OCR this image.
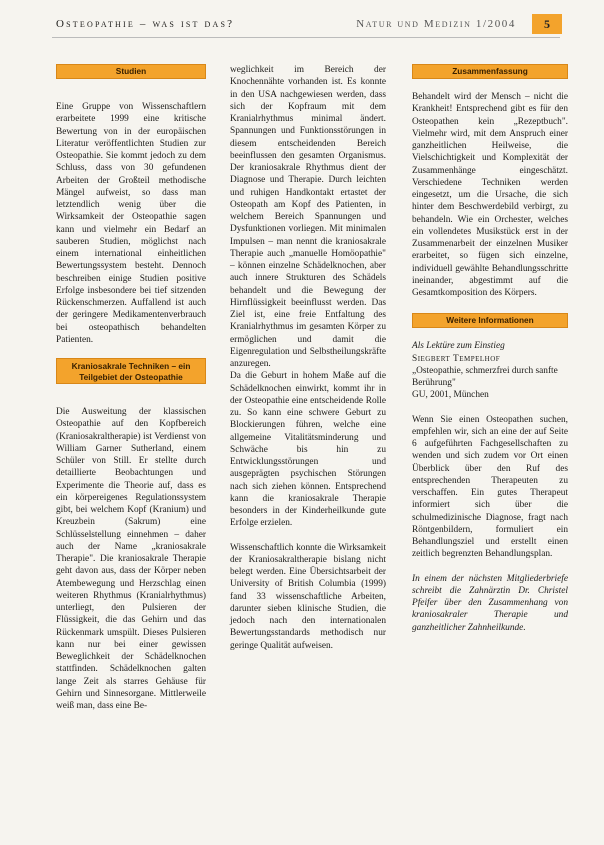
Osteopathie – was ist das?	Natur und Medizin 1/2004	5
Studien

Eine Gruppe von Wissenschaftlern erarbeitete 1999 eine kritische Bewertung von in der europäischen Literatur veröffentlichten Studien zur Osteopathie. Sie kommt jedoch zu dem Schluss, dass von 30 gefundenen Arbeiten der Großteil methodische Mängel aufweist, so dass man letztendlich wenig über die Wirksamkeit der Osteopathie sagen kann und vielmehr ein Bedarf an sauberen Studien, möglichst nach einem international einheitlichen Bewertungssystem besteht. Dennoch beschreiben einige Studien positive Erfolge insbesondere bei tief sitzenden Rückenschmerzen. Auffallend ist auch der geringere Medikamentenverbrauch bei osteopathisch behandelten Patienten.

Kraniosakrale Techniken – ein Teilgebiet der Osteopathie

Die Ausweitung der klassischen Osteopathie auf den Kopfbereich (Kraniosakraltherapie) ist Verdienst von William Garner Sutherland, einem Schüler von Still. Er stellte durch detaillierte Beobachtungen und Experimente die Theorie auf, dass es ein körpereigenes Regulationssystem gibt, bei welchem Kopf (Kranium) und Kreuzbein (Sakrum) eine Schlüsselstellung einnehmen – daher auch der Name „kraniosakrale Therapie". Die kraniosakrale Therapie geht davon aus, dass der Körper neben Atembewegung und Herzschlag einen weiteren Rhythmus (Kranialrhythmus) unterliegt, den Pulsieren der Flüssigkeit, die das Gehirn und das Rückenmark umspült. Dieses Pulsieren kann nur bei einer gewissen Beweglichkeit der Schädelknochen stattfinden. Schädelknochen galten lange Zeit als starres Gehäuse für Gehirn und Sinnesorgane. Mittlerweile weiß man, dass eine Be-

weglichkeit im Bereich der Knochennähte vorhanden ist. Es konnte in den USA nachgewiesen werden, dass sich der Kopfraum mit dem Kranialrhythmus minimal ändert. Spannungen und Funktionsstörungen in diesem entscheidenden Bereich beeinflussen den gesamten Organismus. Der kraniosakrale Rhythmus dient der Diagnose und Therapie. Durch leichten und ruhigen Handkontakt ertastet der Osteopath am Kopf des Patienten, in welchem Bereich Spannungen und Dysfunktionen vorliegen. Mit minimalen Impulsen – man nennt die kraniosakrale Therapie auch „manuelle Homöopathie" – können einzelne Schädelknochen, aber auch innere Strukturen des Schädels behandelt und die Bewegung der Hirnflüssigkeit beeinflusst werden. Das Ziel ist, eine freie Entfaltung des Kranialrhythmus im gesamten Körper zu ermöglichen und damit die Eigenregulation und Selbstheilungskräfte anzuregen.

Da die Geburt in hohem Maße auf die Schädelknochen einwirkt, kommt ihr in der Osteopathie eine entscheidende Rolle zu. So kann eine schwere Geburt zu Blockierungen führen, welche eine allgemeine Vitalitätsminderung und Schwäche bis hin zu Entwicklungsstörungen und ausgeprägten psychischen Störungen nach sich ziehen können. Entsprechend kann die kraniosakrale Therapie besonders in der Kinderheilkunde gute Erfolge erzielen.

Wissenschaftlich konnte die Wirksamkeit der Kraniosakraltherapie bislang nicht belegt werden. Eine Übersichtsarbeit der University of British Columbia (1999) fand 33 wissenschaftliche Arbeiten, darunter sieben klinische Studien, die jedoch nach den internationalen Bewertungsstandards methodisch nur geringe Qualität aufweisen.

Zusammenfassung

Behandelt wird der Mensch – nicht die Krankheit! Entsprechend gibt es für den Osteopathen kein „Rezeptbuch". Vielmehr wird, mit dem Anspruch einer ganzheitlichen Heilweise, die Vielschichtigkeit und Komplexität der Zusammenhänge eingeschätzt. Verschiedene Techniken werden eingesetzt, um die Ursache, die sich hinter dem Beschwerdebild verbirgt, zu behandeln. Wie ein Orchester, welches ein vollendetes Musikstück erst in der Zusammenarbeit der einzelnen Musiker erarbeitet, so fügen sich einzelne, individuell gewählte Behandlungsschritte ineinander, abgestimmt auf die Gesamtkomposition des Körpers.

Weitere Informationen

Als Lektüre zum Einstieg

Siegbert Tempelhof

„Osteopathie, schmerzfrei durch sanfte Berührung"

GU, 2001, München

Wenn Sie einen Osteopathen suchen, empfehlen wir, sich an eine der auf Seite 6 aufgeführten Fachgesellschaften zu wenden und sich zudem vor Ort einen Überblick über den Ruf des entsprechenden Therapeuten zu verschaffen. Ein gutes Therapeut informiert sich über die schulmedizinische Diagnose, fragt nach Röntgenbildern, formuliert ein Behandlungsziel und erstellt einen zeitlich begrenzten Behandlungsplan.

In einem der nächsten Mitgliederbriefe schreibt die Zahnärztin Dr. Christel Pfeifer über den Zusammenhang von kraniosakraler Therapie und ganzheitlicher Zahnheilkunde.
